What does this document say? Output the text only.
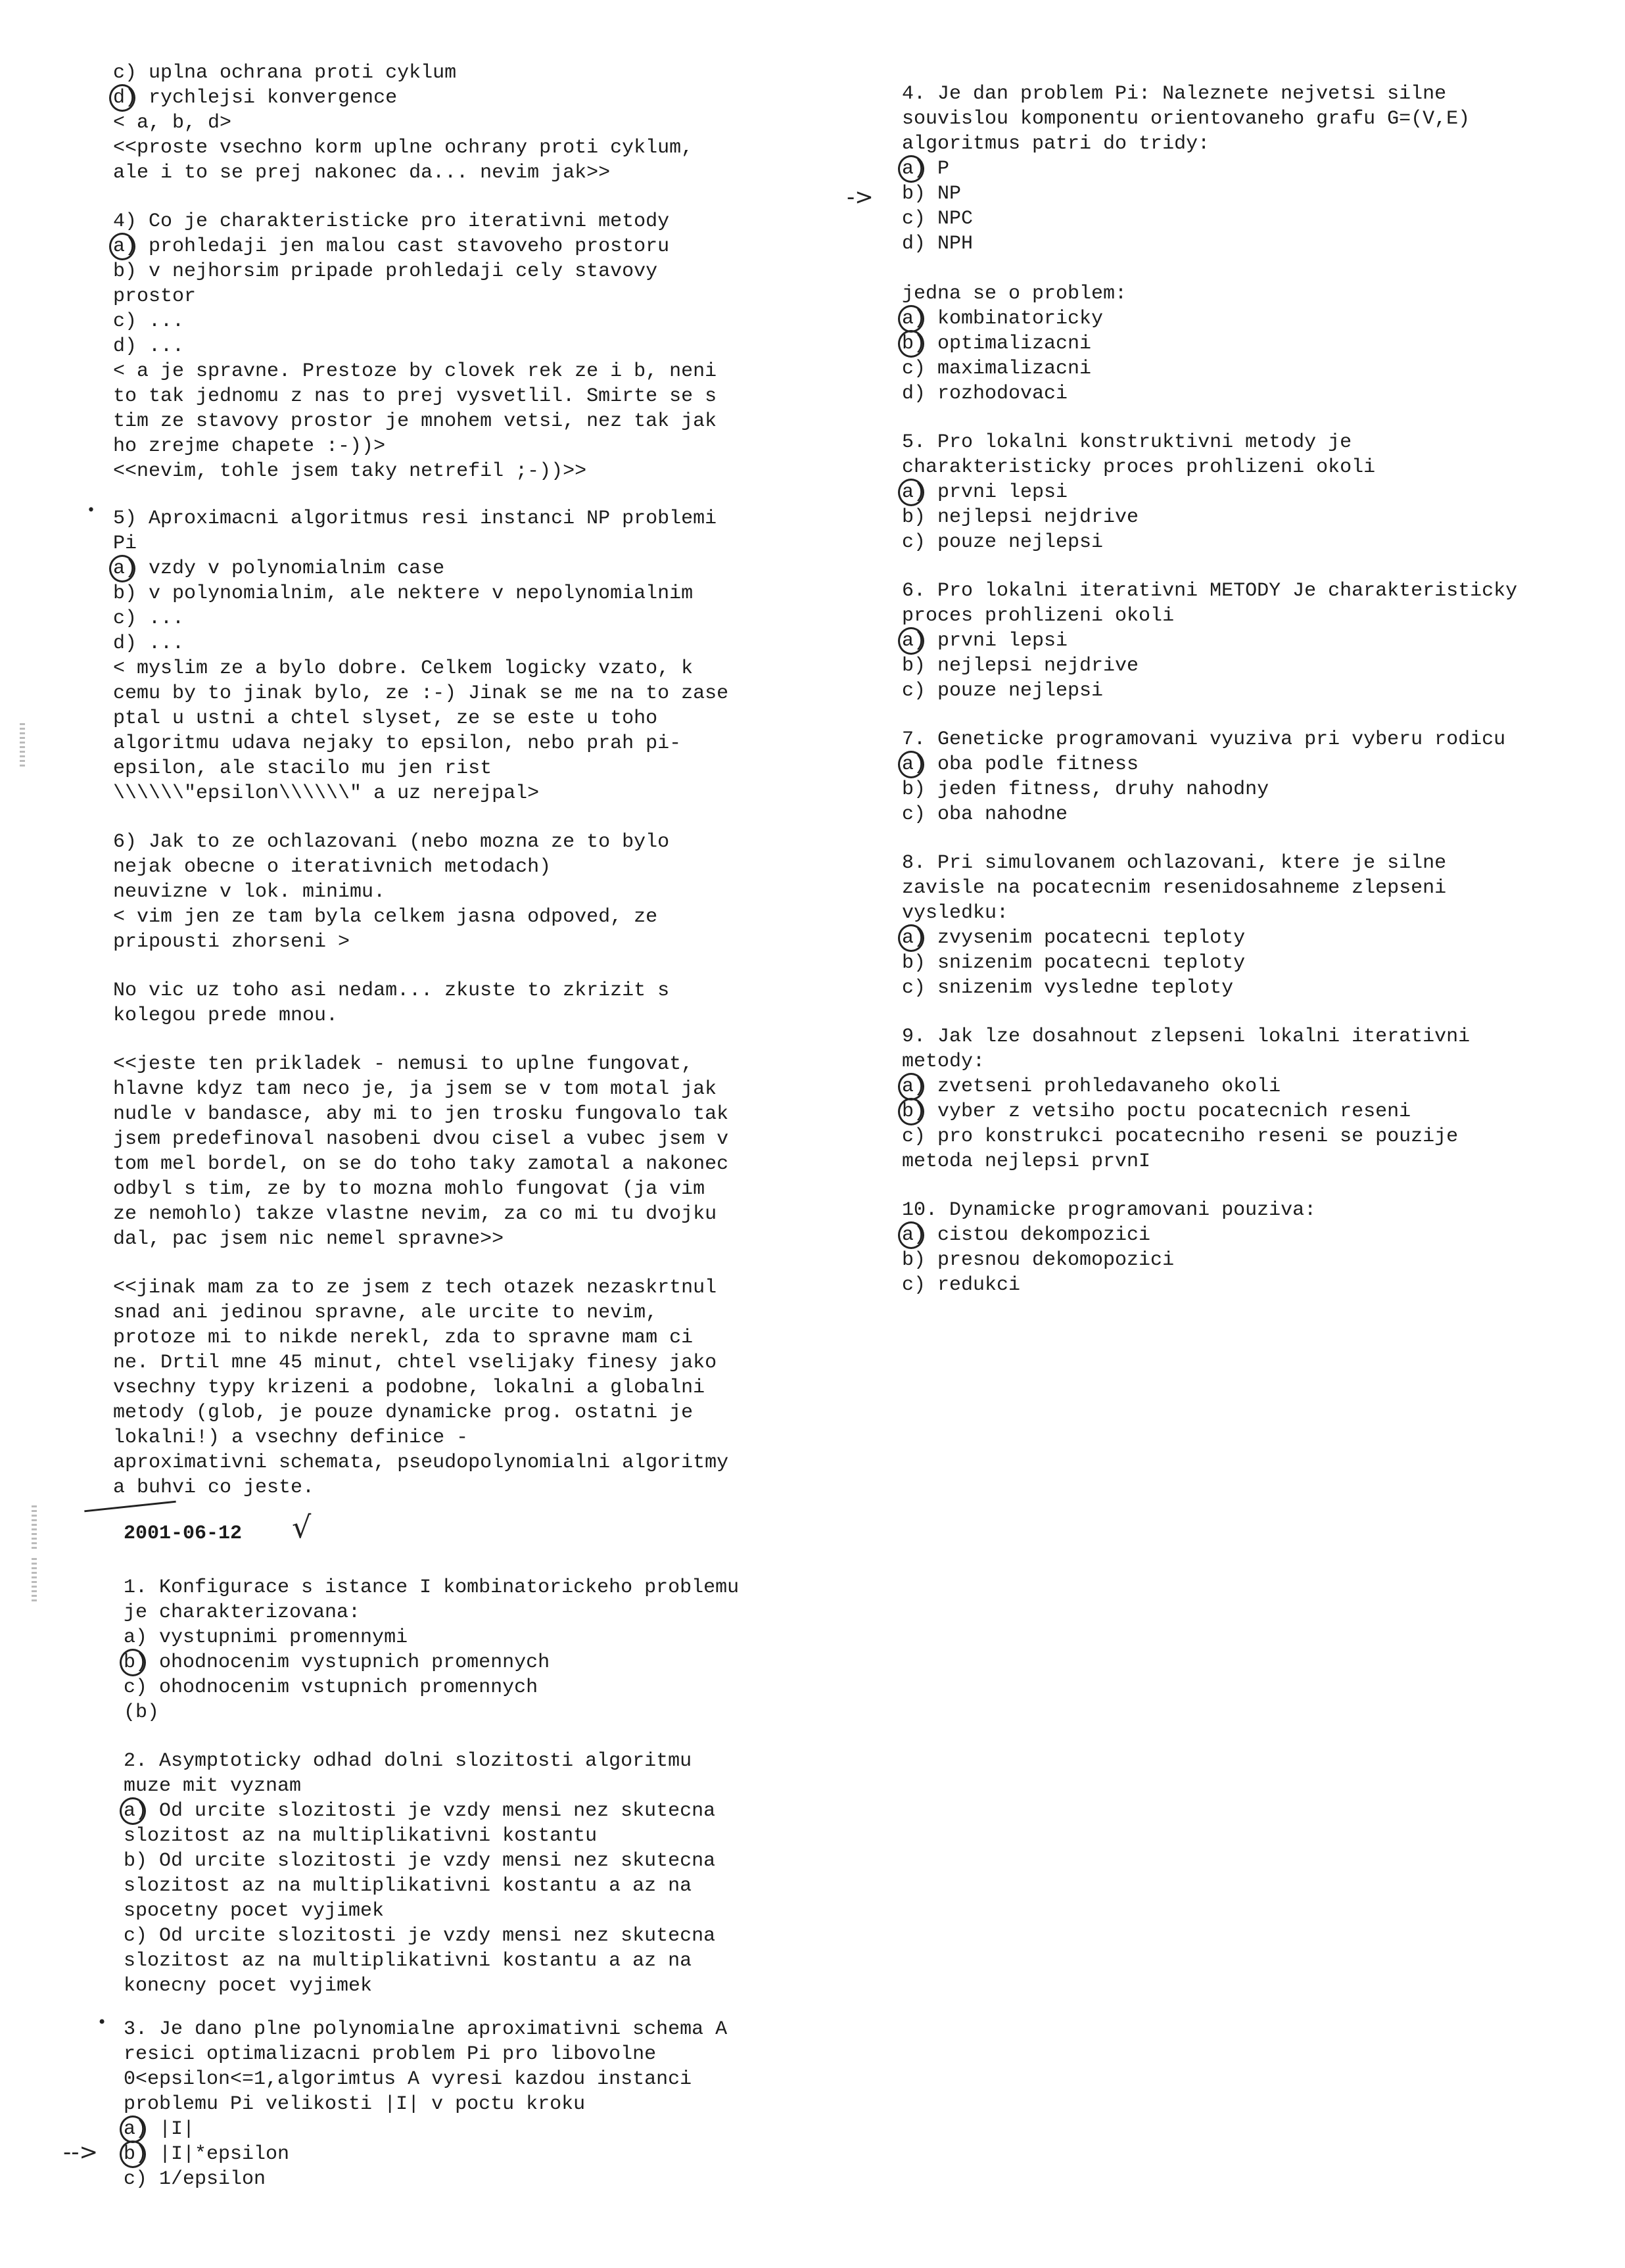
c) uplna ochrana proti cyklum
d) rychlejsi konvergence
< a, b, d>
<<proste vsechno korm uplne ochrany proti cyklum,
ale i to se prej nakonec da... nevim jak>>
4) Co je charakteristicke pro iterativni metody
a) prohledaji jen malou cast stavoveho prostoru
b) v nejhorsim pripade prohledaji cely stavovy
prostor
c) ...
d) ...
< a je spravne. Prestoze by clovek rek ze i b, neni
to tak jednomu z nas to prej vysvetlil. Smirte se s
tim ze stavovy prostor je mnohem vetsi, nez tak jak
ho zrejme chapete :-))>
<<nevim, tohle jsem taky netrefil ;-))>>
5) Aproximacni algoritmus resi instanci NP problemi
Pi
a) vzdy v polynomialnim case
b) v polynomialnim, ale nektere v nepolynomialnim
c) ...
d) ...
< myslim ze a bylo dobre. Celkem logicky vzato, k
cemu by to jinak bylo, ze :-) Jinak se me na to zase
ptal u ustni a chtel slyset, ze se este u toho
algoritmu udava nejaky to epsilon, nebo prah pi-
epsilon, ale stacilo mu jen rist
\\\\\\"epsilon\\\\\\" a uz nerejpal>
6) Jak to ze ochlazovani (nebo mozna ze to bylo
nejak obecne o iterativnich metodach)
neuvizne v lok. minimu.
< vim jen ze tam byla celkem jasna odpoved, ze
pripousti zhorseni >
No vic uz toho asi nedam... zkuste to zkrizit s
kolegou prede mnou.
<<jeste ten prikladek - nemusi to uplne fungovat,
hlavne kdyz tam neco je, ja jsem se v tom motal jak
nudle v bandasce, aby mi to jen trosku fungovalo tak
jsem predefinoval nasobeni dvou cisel a vubec jsem v
tom mel bordel, on se do toho taky zamotal a nakonec
odbyl s tim, ze by to mozna mohlo fungovat (ja vim
ze nemohlo) takze vlastne nevim, za co mi tu dvojku
dal, pac jsem nic nemel spravne>>
<<jinak mam za to ze jsem z tech otazek nezaskrtnul
snad ani jedinou spravne, ale urcite to nevim,
protoze mi to nikde nerekl, zda to spravne mam ci
ne. Drtil mne 45 minut, chtel vselijaky finesy jako
vsechny typy krizeni a podobne, lokalni a globalni
metody (glob, je pouze dynamicke prog. ostatni je
lokalni!) a vsechny definice -
aproximativni schemata, pseudopolynomialni algoritmy
a buhvi co jeste.
2001-06-12
1. Konfigurace s istance I kombinatorickeho problemu
je charakterizovana:
a) vystupnimi promennymi
b) ohodnocenim vystupnich promennych
c) ohodnocenim vstupnich promennych
(b)
2. Asymptoticky odhad dolni slozitosti algoritmu
muze mit vyznam
a) Od urcite slozitosti je vzdy mensi nez skutecna
slozitost az na multiplikativni kostantu
b) Od urcite slozitosti je vzdy mensi nez skutecna
slozitost az na multiplikativni kostantu a az na
spocetny pocet vyjimek
c) Od urcite slozitosti je vzdy mensi nez skutecna
slozitost az na multiplikativni kostantu a az na
konecny pocet vyjimek
3. Je dano plne polynomialne aproximativni schema A
resici optimalizacni problem Pi pro libovolne
0<epsilon<=1,algorimtus A vyresi kazdou instanci
problemu Pi velikosti |I| v poctu kroku
a) |I|
b) |I|*epsilon
c) 1/epsilon
4. Je dan problem Pi: Naleznete nejvetsi silne
souvislou komponentu orientovaneho grafu G=(V,E)
algoritmus patri do tridy:
a) P
b) NP
c) NPC
d) NPH
jedna se o problem:
a) kombinatoricky
b) optimalizacni
c) maximalizacni
d) rozhodovaci
5. Pro lokalni konstruktivni metody je
charakteristicky proces prohlizeni okoli
a) prvni lepsi
b) nejlepsi nejdrive
c) pouze nejlepsi
6. Pro lokalni iterativni METODY Je charakteristicky
proces prohlizeni okoli
a) prvni lepsi
b) nejlepsi nejdrive
c) pouze nejlepsi
7. Geneticke programovani vyuziva pri vyberu rodicu
a) oba podle fitness
b) jeden fitness, druhy nahodny
c) oba nahodne
8. Pri simulovanem ochlazovani, ktere je silne
zavisle na pocatecnim resenidosahneme zlepseni
vysledku:
a) zvysenim pocatecni teploty
b) snizenim pocatecni teploty
c) snizenim vysledne teploty
9. Jak lze dosahnout zlepseni lokalni iterativni
metody:
a) zvetseni prohledavaneho okoli
b) vyber z vetsiho poctu pocatecnich reseni
c) pro konstrukci pocatecniho reseni se pouzije
metoda nejlepsi prvnI
10. Dynamicke programovani pouziva:
a) cistou dekompozici
b) presnou dekomopozici
c) redukci
->
-->
•
•
√
